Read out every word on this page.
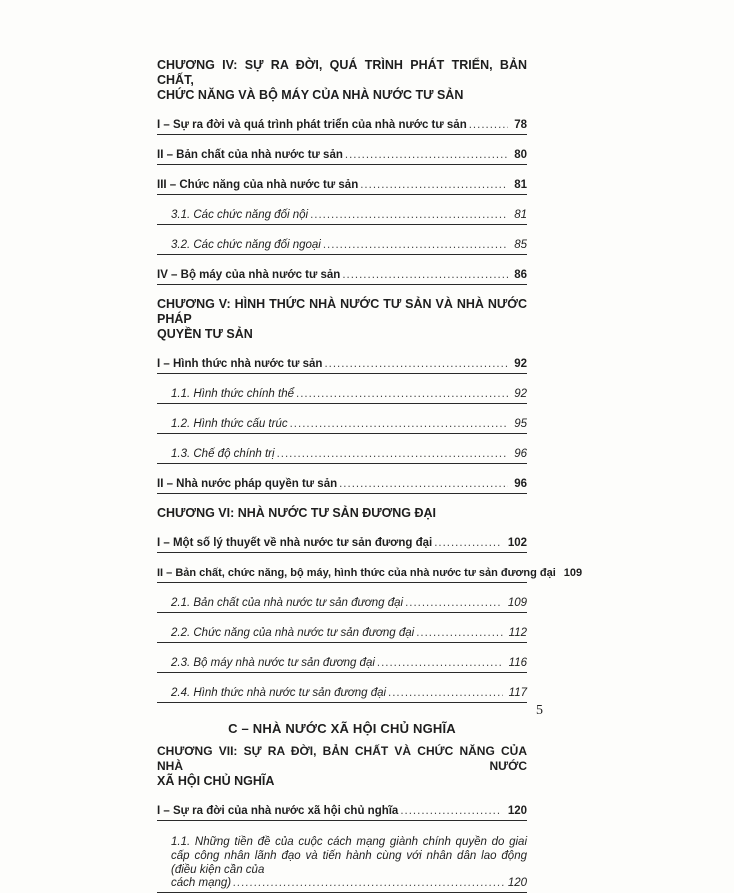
CHƯƠNG IV: SỰ RA ĐỜI, QUÁ TRÌNH PHÁT TRIỂN, BẢN CHẤT,
CHỨC NĂNG VÀ BỘ MÁY CỦA NHÀ NƯỚC TƯ SẢN

I – Sự ra đời và quá trình phát triển của nhà nước tư sản .....	78
II – Bản chất của nhà nước tư sản .....	80
III – Chức năng của nhà nước tư sản .....	81
3.1. Các chức năng đối nội .....	81
3.2. Các chức năng đối ngoại .....	85
IV – Bộ máy của nhà nước tư sản .....	86

CHƯƠNG V: HÌNH THỨC NHÀ NƯỚC TƯ SẢN VÀ NHÀ NƯỚC PHÁP
QUYỀN TƯ SẢN

I – Hình thức nhà nước tư sản .....	92
1.1. Hình thức chính thể .....	92
1.2. Hình thức cấu trúc .....	95
1.3. Chế độ chính trị .....	96
II – Nhà nước pháp quyền tư sản .....	96

CHƯƠNG VI: NHÀ NƯỚC TƯ SẢN ĐƯƠNG ĐẠI

I – Một số lý thuyết về nhà nước tư sản đương đại .....	102
II – Bản chất, chức năng, bộ máy, hình thức của nhà nước tư sản đương đại 109
2.1. Bản chất của nhà nước tư sản đương đại .....	109
2.2. Chức năng của nhà nước tư sản đương đại .....	112
2.3. Bộ máy nhà nước tư sản đương đại .....	116
2.4. Hình thức nhà nước tư sản đương đại .....	117
C – NHÀ NƯỚC XÃ HỘI CHỦ NGHĨA

CHƯƠNG VII: SỰ RA ĐỜI, BẢN CHẤT VÀ CHỨC NĂNG CỦA NHÀ NƯỚC
XÃ HỘI CHỦ NGHĨA

I – Sự ra đời của nhà nước xã hội chủ nghĩa .....	120
1.1. Những tiền đề của cuộc cách mạng giành chính quyền do giai cấp công nhân lãnh đạo và tiến hành cùng với nhân dân lao động (điều kiện cần của
cách mạng) .....	120
5
